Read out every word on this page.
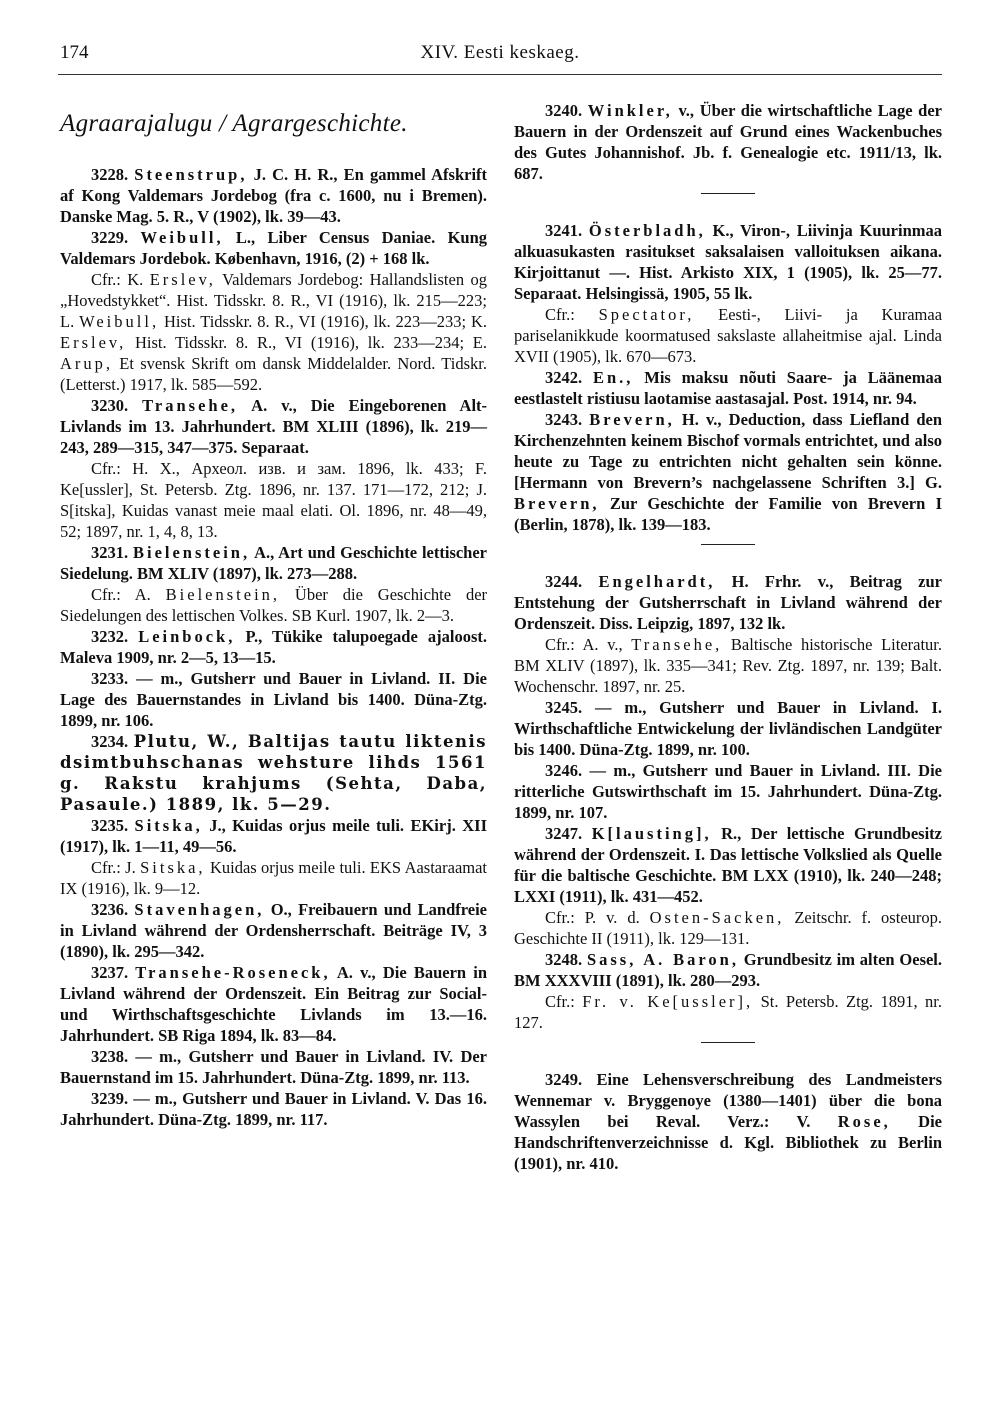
174	XIV. Eesti keskaeg.
Agraarajalugu / Agrargeschichte.

3228. Steenstrup, J. C. H. R., En gammel Afskrift af Kong Valdemars Jordebog (fra c. 1600, nu i Bremen). Danske Mag. 5. R., V (1902), lk. 39—43.

3229. Weibull, L., Liber Census Daniae. Kung Valdemars Jordebok. København, 1916, (2) + 168 lk.

Cfr.: K. Erslev, Valdemars Jordebog: Hallandslisten og „Hovedstykket“. Hist. Tidsskr. 8. R., VI (1916), lk. 215—223; L. Weibull, Hist. Tidsskr. 8. R., VI (1916), lk. 223—233; K. Erslev, Hist. Tidsskr. 8. R., VI (1916), lk. 233—234; E. Arup, Et svensk Skrift om dansk Middelalder. Nord. Tidskr. (Letterst.) 1917, lk. 585—592.

3230. Transehe, A. v., Die Eingeborenen Alt-Livlands im 13. Jahrhundert. BM XLIII (1896), lk. 219—243, 289—315, 347—375. Separaat.

Cfr.: H. X., Археол. изв. и зам. 1896, lk. 433; F. Ke[ussler], St. Petersb. Ztg. 1896, nr. 137. 171—172, 212; J. S[itska], Kuidas vanast meie maal elati. Ol. 1896, nr. 48—49, 52; 1897, nr. 1, 4, 8, 13.

3231. Bielenstein, A., Art und Geschichte lettischer Siedelung. BM XLIV (1897), lk. 273—288.

Cfr.: A. Bielenstein, Über die Geschichte der Siedelungen des lettischen Volkes. SB Kurl. 1907, lk. 2—3.

3232. Leinbock, P., Tükike talupoegade ajaloost. Maleva 1909, nr. 2—5, 13—15.

3233. — m., Gutsherr und Bauer in Livland. II. Die Lage des Bauernstandes in Livland bis 1400. Düna-Ztg. 1899, nr. 106.

3234. Plutu, W., Baltijas tautu liktenis dsimtbuhschanas wehsture lihds 1561 g. Rakstu krahjums (Sehta, Daba, Pasaule.) 1889, lk. 5—29.

3235. Sitska, J., Kuidas orjus meile tuli. EKirj. XII (1917), lk. 1—11, 49—56.

Cfr.: J. Sitska, Kuidas orjus meile tuli. EKS Aastaraamat IX (1916), lk. 9—12.

3236. Stavenhagen, O., Freibauern und Landfreie in Livland während der Ordensherrschaft. Beiträge IV, 3 (1890), lk. 295—342.

3237. Transehe-Roseneck, A. v., Die Bauern in Livland während der Ordenszeit. Ein Beitrag zur Social- und Wirthschaftsgeschichte Livlands im 13.—16. Jahrhundert. SB Riga 1894, lk. 83—84.

3238. — m., Gutsherr und Bauer in Livland. IV. Der Bauernstand im 15. Jahrhundert. Düna-Ztg. 1899, nr. 113.

3239. — m., Gutsherr und Bauer in Livland. V. Das 16. Jahrhundert. Düna-Ztg. 1899, nr. 117.

3240. Winkler, v., Über die wirtschaftliche Lage der Bauern in der Ordenszeit auf Grund eines Wackenbuches des Gutes Johannishof. Jb. f. Genealogie etc. 1911/13, lk. 687.

3241. Österbladh, K., Viron-, Liivinja Kuurinmaa alkuasukasten rasitukset saksalaisen valloituksen aikana. Kirjoittanut —. Hist. Arkisto XIX, 1 (1905), lk. 25—77. Separaat. Helsingissä, 1905, 55 lk.

Cfr.: Spectator, Eesti-, Liivi- ja Kuramaa pariselanikkude koormatused sakslaste allaheitmise ajal. Linda XVII (1905), lk. 670—673.

3242. En., Mis maksu nõuti Saare- ja Läänemaa eestlastelt ristiusu laotamise aastasajal. Post. 1914, nr. 94.

3243. Brevern, H. v., Deduction, dass Liefland den Kirchenzehnten keinem Bischof vormals entrichtet, und also heute zu Tage zu entrichten nicht gehalten sein könne. [Hermann von Brevern’s nachgelassene Schriften 3.] G. Brevern, Zur Geschichte der Familie von Brevern I (Berlin, 1878), lk. 139—183.

3244. Engelhardt, H. Frhr. v., Beitrag zur Entstehung der Gutsherrschaft in Livland während der Ordenszeit. Diss. Leipzig, 1897, 132 lk.

Cfr.: A. v., Transehe, Baltische historische Literatur. BM XLIV (1897), lk. 335—341; Rev. Ztg. 1897, nr. 139; Balt. Wochenschr. 1897, nr. 25.

3245. — m., Gutsherr und Bauer in Livland. I. Wirthschaftliche Entwickelung der livländischen Landgüter bis 1400. Düna-Ztg. 1899, nr. 100.

3246. — m., Gutsherr und Bauer in Livland. III. Die ritterliche Gutswirthschaft im 15. Jahrhundert. Düna-Ztg. 1899, nr. 107.

3247. K[lausting], R., Der lettische Grundbesitz während der Ordenszeit. I. Das lettische Volkslied als Quelle für die baltische Geschichte. BM LXX (1910), lk. 240—248; LXXI (1911), lk. 431—452.

Cfr.: P. v. d. Osten-Sacken, Zeitschr. f. osteurop. Geschichte II (1911), lk. 129—131.

3248. Sass, A. Baron, Grundbesitz im alten Oesel. BM XXXVIII (1891), lk. 280—293.

Cfr.: Fr. v. Ke[ussler], St. Petersb. Ztg. 1891, nr. 127.

3249. Eine Lehensverschreibung des Landmeisters Wennemar v. Bryggenoye (1380—1401) über die bona Wassylen bei Reval. Verz.: V. Rose, Die Handschriftenverzeichnisse d. Kgl. Bibliothek zu Berlin (1901), nr. 410.
